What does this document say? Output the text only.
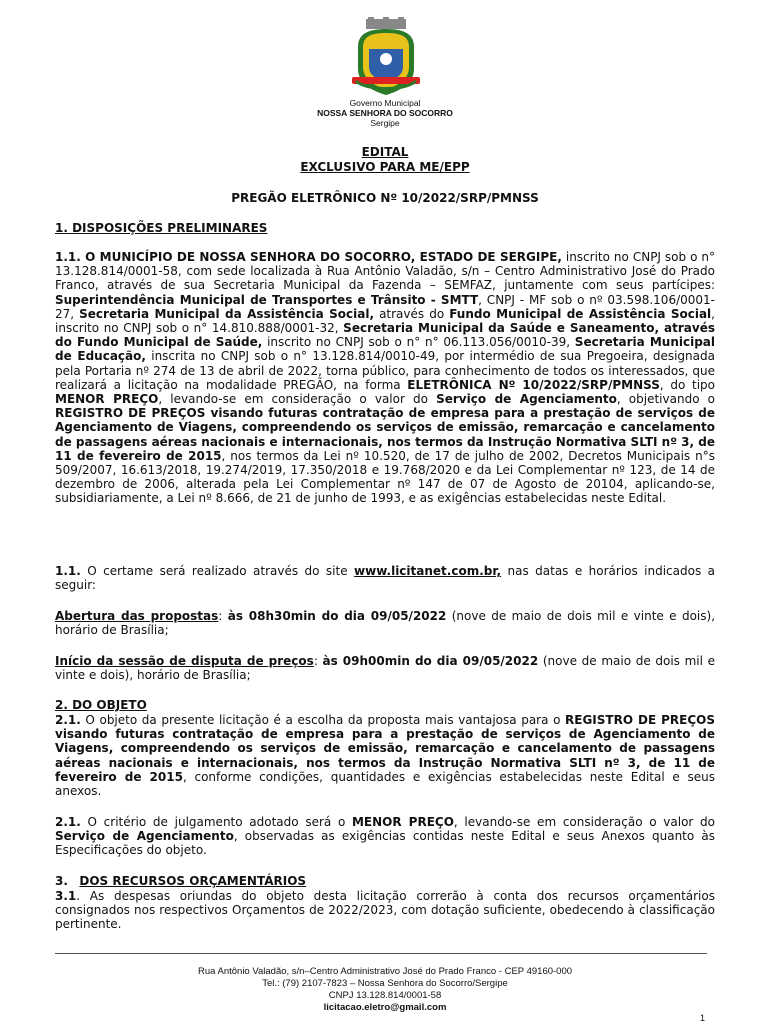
Governo Municipal
NOSSA SENHORA DO SOCORRO
Sergipe
EDITAL
EXCLUSIVO PARA ME/EPP
PREGÃO ELETRÔNICO Nº 10/2022/SRP/PMNSS
1. DISPOSIÇÕES PRELIMINARES

1.1. O MUNICÍPIO DE NOSSA SENHORA DO SOCORRO, ESTADO DE SERGIPE, inscrito no CNPJ sob o n° 13.128.814/0001-58, com sede localizada à Rua Antônio Valadão, s/n – Centro Administrativo José do Prado Franco, através de sua Secretaria Municipal da Fazenda – SEMFAZ, juntamente com seus partícipes: Superintendência Municipal de Transportes e Trânsito - SMTT, CNPJ - MF sob o nº 03.598.106/0001-27, Secretaria Municipal da Assistência Social, através do Fundo Municipal de Assistência Social, inscrito no CNPJ sob o n° 14.810.888/0001-32, Secretaria Municipal da Saúde e Saneamento, através do Fundo Municipal de Saúde, inscrito no CNPJ sob o n° n° 06.113.056/0010-39, Secretaria Municipal de Educação, inscrita no CNPJ sob o n° 13.128.814/0010-49, por intermédio de sua Pregoeira, designada pela Portaria nº 274 de 13 de abril de 2022, torna público, para conhecimento de todos os interessados, que realizará a licitação na modalidade PREGÃO, na forma ELETRÔNICA Nº 10/2022/SRP/PMNSS, do tipo MENOR PREÇO, levando-se em consideração o valor do Serviço de Agenciamento, objetivando o REGISTRO DE PREÇOS visando futuras contratação de empresa para a prestação de serviços de Agenciamento de Viagens, compreendendo os serviços de emissão, remarcação e cancelamento de passagens aéreas nacionais e internacionais, nos termos da Instrução Normativa SLTI nº 3, de 11 de fevereiro de 2015, nos termos da Lei nº 10.520, de 17 de julho de 2002, Decretos Municipais n°s 509/2007, 16.613/2018, 19.274/2019, 17.350/2018 e 19.768/2020 e da Lei Complementar nº 123, de 14 de dezembro de 2006, alterada pela Lei Complementar nº 147 de 07 de Agosto de 20104, aplicando-se, subsidiariamente, a Lei nº 8.666, de 21 de junho de 1993, e as exigências estabelecidas neste Edital.

1.1. O certame será realizado através do site www.licitanet.com.br, nas datas e horários indicados a seguir:

Abertura das propostas: às 08h30min do dia 09/05/2022 (nove de maio de dois mil e vinte e dois), horário de Brasília;

Início da sessão de disputa de preços: às 09h00min do dia 09/05/2022 (nove de maio de dois mil e vinte e dois), horário de Brasília;

2. DO OBJETO

2.1. O objeto da presente licitação é a escolha da proposta mais vantajosa para o REGISTRO DE PREÇOS visando futuras contratação de empresa para a prestação de serviços de Agenciamento de Viagens, compreendendo os serviços de emissão, remarcação e cancelamento de passagens aéreas nacionais e internacionais, nos termos da Instrução Normativa SLTI nº 3, de 11 de fevereiro de 2015, conforme condições, quantidades e exigências estabelecidas neste Edital e seus anexos.

2.1. O critério de julgamento adotado será o MENOR PREÇO, levando-se em consideração o valor do Serviço de Agenciamento, observadas as exigências contidas neste Edital e seus Anexos quanto às Especificações do objeto.

3. DOS RECURSOS ORÇAMENTÁRIOS

3.1. As despesas oriundas do objeto desta licitação correrão à conta dos recursos orçamentários consignados nos respectivos Orçamentos de 2022/2023, com dotação suficiente, obedecendo à classificação pertinente.

Rua Antônio Valadão, s/n–Centro Administrativo José do Prado Franco - CEP 49160-000
Tel.: (79) 2107-7823 – Nossa Senhora do Socorro/Sergipe
CNPJ 13.128.814/0001-58
licitacao.eletro@gmail.com
1
